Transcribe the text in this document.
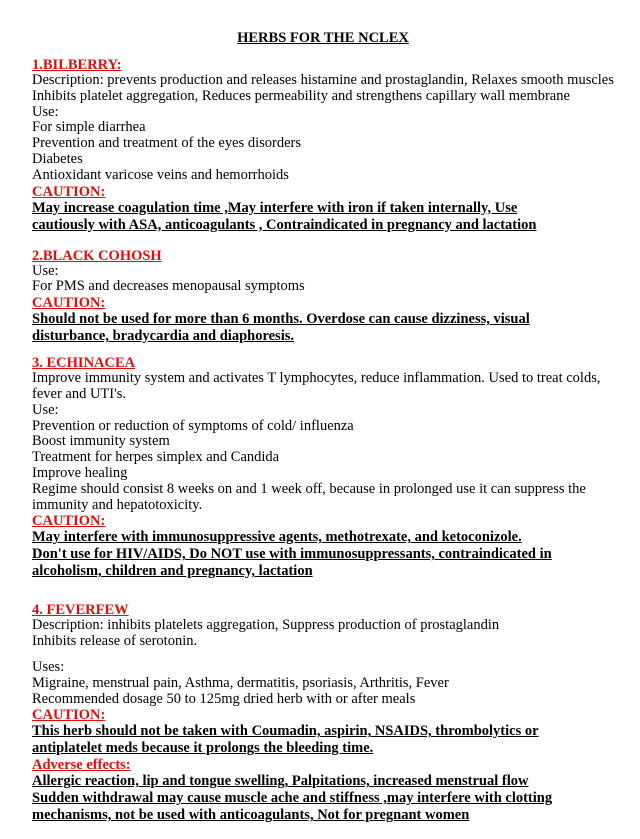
HERBS FOR THE NCLEX
1.BILBERRY:
Description: prevents production and releases histamine and prostaglandin, Relaxes smooth muscles
Inhibits platelet aggregation, Reduces permeability and strengthens capillary wall membrane
Use:
For simple diarrhea
Prevention and treatment of the eyes disorders
Diabetes
Antioxidant varicose veins and hemorrhoids
CAUTION:
May increase coagulation time ,May interfere with iron if taken internally, Use
cautiously with ASA, anticoagulants , Contraindicated in pregnancy and lactation
2.BLACK COHOSH
Use:
For PMS and decreases menopausal symptoms
CAUTION:
Should not be used for more than 6 months. Overdose can cause dizziness, visual
disturbance, bradycardia and diaphoresis.
3. ECHINACEA
Improve immunity system and activates T lymphocytes, reduce inflammation. Used to treat colds,
fever and UTI's.
Use:
Prevention or reduction of symptoms of cold/ influenza
Boost immunity system
Treatment for herpes simplex and Candida
Improve healing
Regime should consist 8 weeks on and 1 week off, because in prolonged use it can suppress the
immunity and hepatotoxicity.
CAUTION:
May interfere with immunosuppressive agents, methotrexate, and ketoconizole.
Don't use for HIV/AIDS, Do NOT use with immunosuppressants, contraindicated in
alcoholism, children and pregnancy, lactation
4. FEVERFEW
Description: inhibits platelets aggregation, Suppress production of prostaglandin
Inhibits release of serotonin.
Uses:
Migraine, menstrual pain, Asthma, dermatitis, psoriasis, Arthritis, Fever
Recommended dosage 50 to 125mg dried herb with or after meals
CAUTION:
This herb should not be taken with Coumadin, aspirin, NSAIDS, thrombolytics or
antiplatelet meds because it prolongs the bleeding time.
Adverse effects:
Allergic reaction, lip and tongue swelling, Palpitations, increased menstrual flow
Sudden withdrawal may cause muscle ache and stiffness ,may interfere with clotting
mechanisms, not be used with anticoagulants, Not for pregnant women
